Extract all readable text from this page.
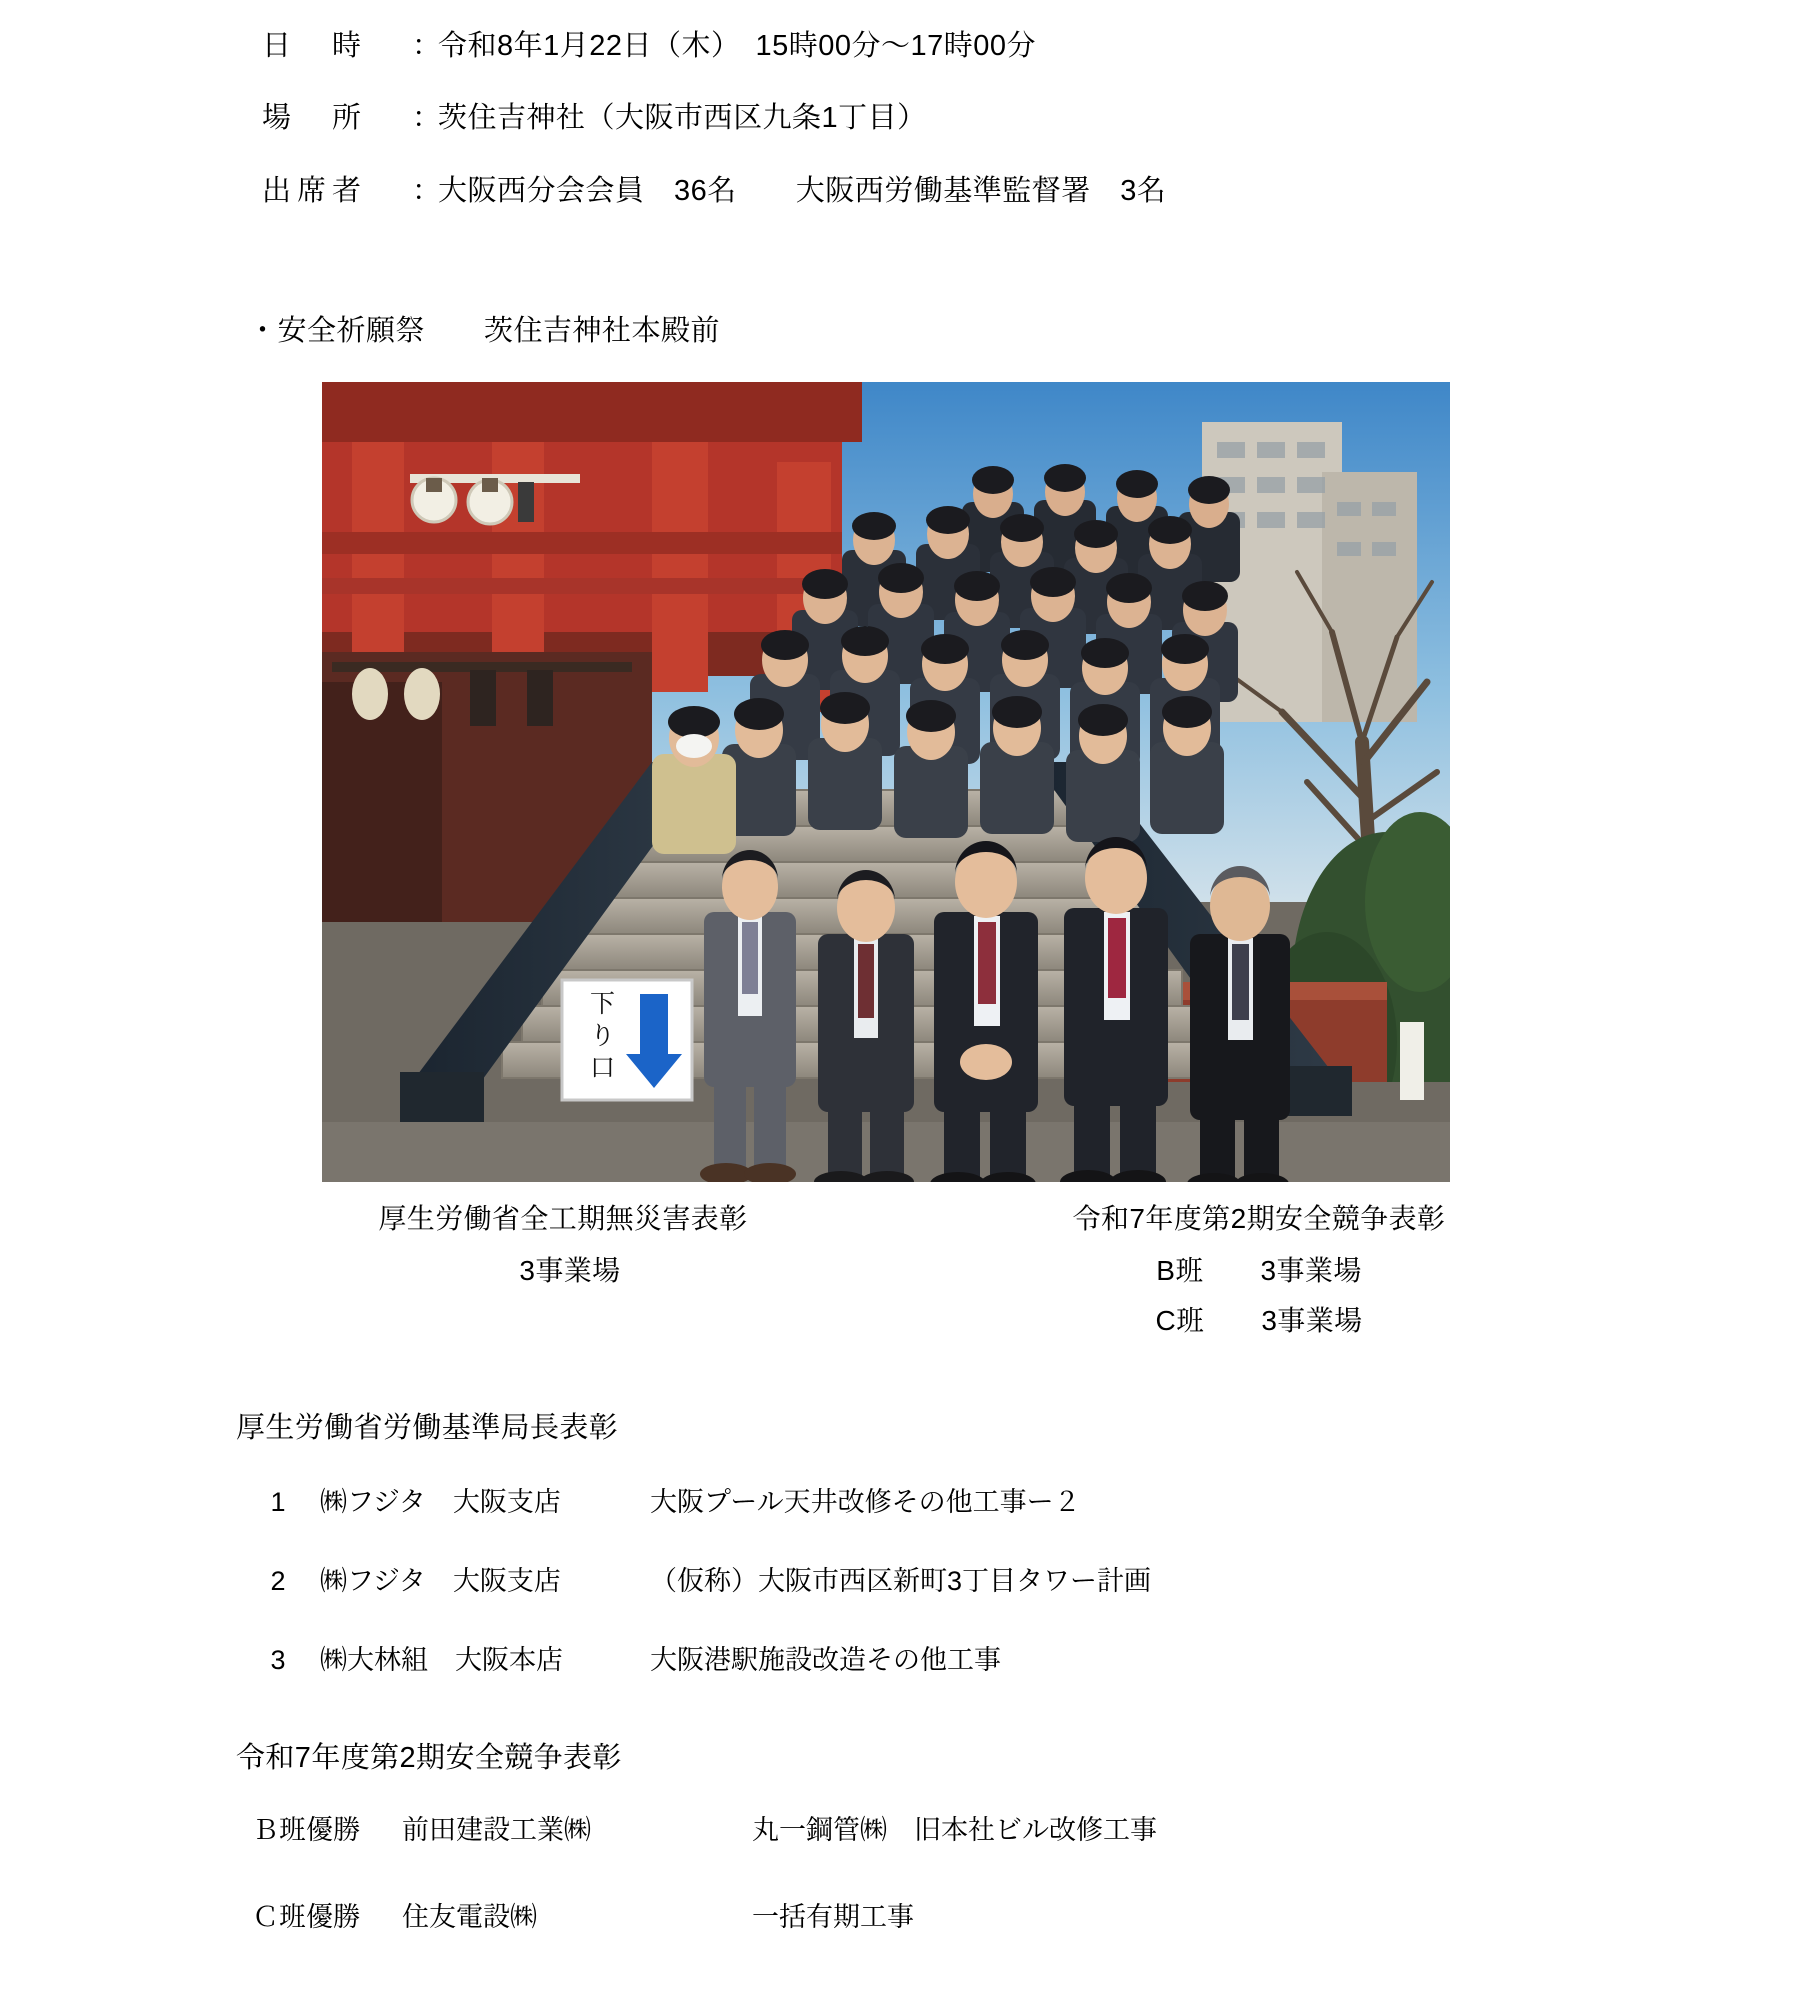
日　時	：
令和8年1月22日（木）　15時00分～17時00分
場　所	：
茨住吉神社（大阪市西区九条1丁目）
出席者	：
大阪西分会会員　36名　　大阪西労働基準監督署　3名
・安全祈願祭　　茨住吉神社本殿前
下
り
口
厚生労働省全工期無災害表彰
3事業場
令和7年度第2期安全競争表彰
B班　　3事業場
C班　　3事業場
厚生労働省労働基準局長表彰
1	㈱フジタ　大阪支店	大阪プール天井改修その他工事ー２
2	㈱フジタ　大阪支店	（仮称）大阪市西区新町3丁目タワー計画
3	㈱大林組　大阪本店	大阪港駅施設改造その他工事
令和7年度第2期安全競争表彰
Ｂ班優勝	前田建設工業㈱	丸一鋼管㈱　旧本社ビル改修工事
Ｃ班優勝	住友電設㈱	一括有期工事
